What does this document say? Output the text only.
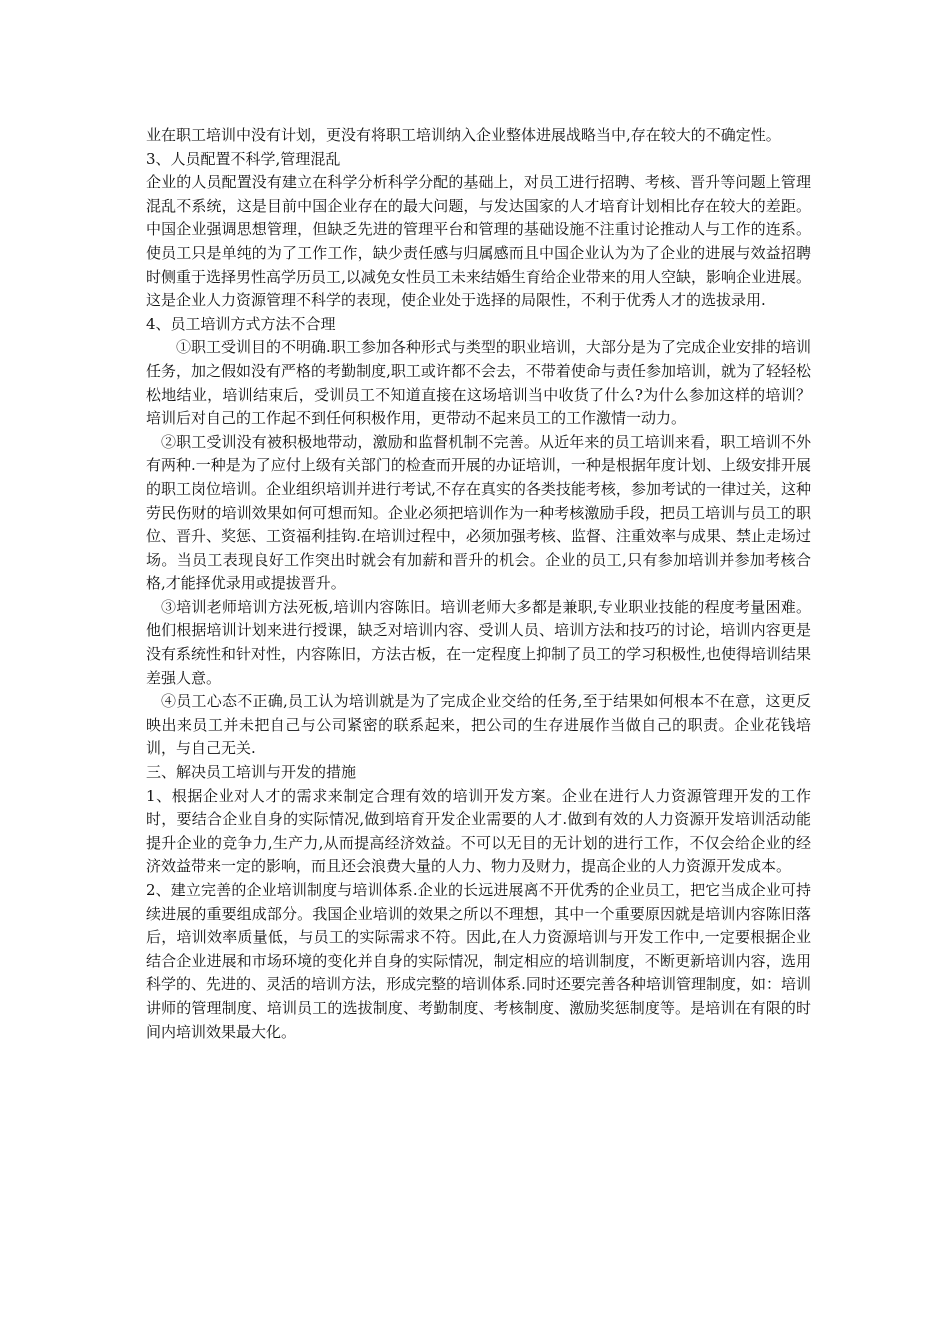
业在职工培训中没有计划，更没有将职工培训纳入企业整体进展战略当中,存在较大的不确定性。

3、人员配置不科学,管理混乱

企业的人员配置没有建立在科学分析科学分配的基础上，对员工进行招聘、考核、晋升等问题上管理混乱不系统，这是目前中国企业存在的最大问题，与发达国家的人才培育计划相比存在较大的差距。中国企业强调思想管理，但缺乏先进的管理平台和管理的基础设施不注重讨论推动人与工作的连系。使员工只是单纯的为了工作工作，缺少责任感与归属感而且中国企业认为为了企业的进展与效益招聘时侧重于选择男性高学历员工,以减免女性员工未来结婚生育给企业带来的用人空缺，影响企业进展。这是企业人力资源管理不科学的表现，使企业处于选择的局限性，不利于优秀人才的选拔录用.

4、员工培训方式方法不合理

①职工受训目的不明确.职工参加各种形式与类型的职业培训，大部分是为了完成企业安排的培训任务，加之假如没有严格的考勤制度,职工或许都不会去，不带着使命与责任参加培训，就为了轻轻松松地结业，培训结束后，受训员工不知道直接在这场培训当中收货了什么?为什么参加这样的培训？培训后对自己的工作起不到任何积极作用，更带动不起来员工的工作激情一动力。

②职工受训没有被积极地带动，激励和监督机制不完善。从近年来的员工培训来看，职工培训不外有两种.一种是为了应付上级有关部门的检查而开展的办证培训，一种是根据年度计划、上级安排开展的职工岗位培训。企业组织培训并进行考试,不存在真实的各类技能考核，参加考试的一律过关，这种劳民伤财的培训效果如何可想而知。企业必须把培训作为一种考核激励手段，把员工培训与员工的职位、晋升、奖惩、工资福利挂钩.在培训过程中，必须加强考核、监督、注重效率与成果、禁止走场过场。当员工表现良好工作突出时就会有加薪和晋升的机会。企业的员工,只有参加培训并参加考核合格,才能择优录用或提拔晋升。

③培训老师培训方法死板,培训内容陈旧。培训老师大多都是兼职,专业职业技能的程度考量困难。他们根据培训计划来进行授课，缺乏对培训内容、受训人员、培训方法和技巧的讨论，培训内容更是没有系统性和针对性，内容陈旧，方法古板，在一定程度上抑制了员工的学习积极性,也使得培训结果差强人意。

④员工心态不正确,员工认为培训就是为了完成企业交给的任务,至于结果如何根本不在意，这更反映出来员工并未把自己与公司紧密的联系起来，把公司的生存进展作当做自己的职责。企业花钱培训，与自己无关.

三、解决员工培训与开发的措施

1、根据企业对人才的需求来制定合理有效的培训开发方案。企业在进行人力资源管理开发的工作时，要结合企业自身的实际情况,做到培育开发企业需要的人才.做到有效的人力资源开发培训活动能提升企业的竞争力,生产力,从而提高经济效益。不可以无目的无计划的进行工作，不仅会给企业的经济效益带来一定的影响，而且还会浪费大量的人力、物力及财力，提高企业的人力资源开发成本。

2、建立完善的企业培训制度与培训体系.企业的长远进展离不开优秀的企业员工，把它当成企业可持续进展的重要组成部分。我国企业培训的效果之所以不理想，其中一个重要原因就是培训内容陈旧落后，培训效率质量低，与员工的实际需求不符。因此,在人力资源培训与开发工作中,一定要根据企业结合企业进展和市场环境的变化并自身的实际情况，制定相应的培训制度，不断更新培训内容，选用科学的、先进的、灵活的培训方法，形成完整的培训体系.同时还要完善各种培训管理制度，如：培训讲师的管理制度、培训员工的选拔制度、考勤制度、考核制度、激励奖惩制度等。是培训在有限的时间内培训效果最大化。
